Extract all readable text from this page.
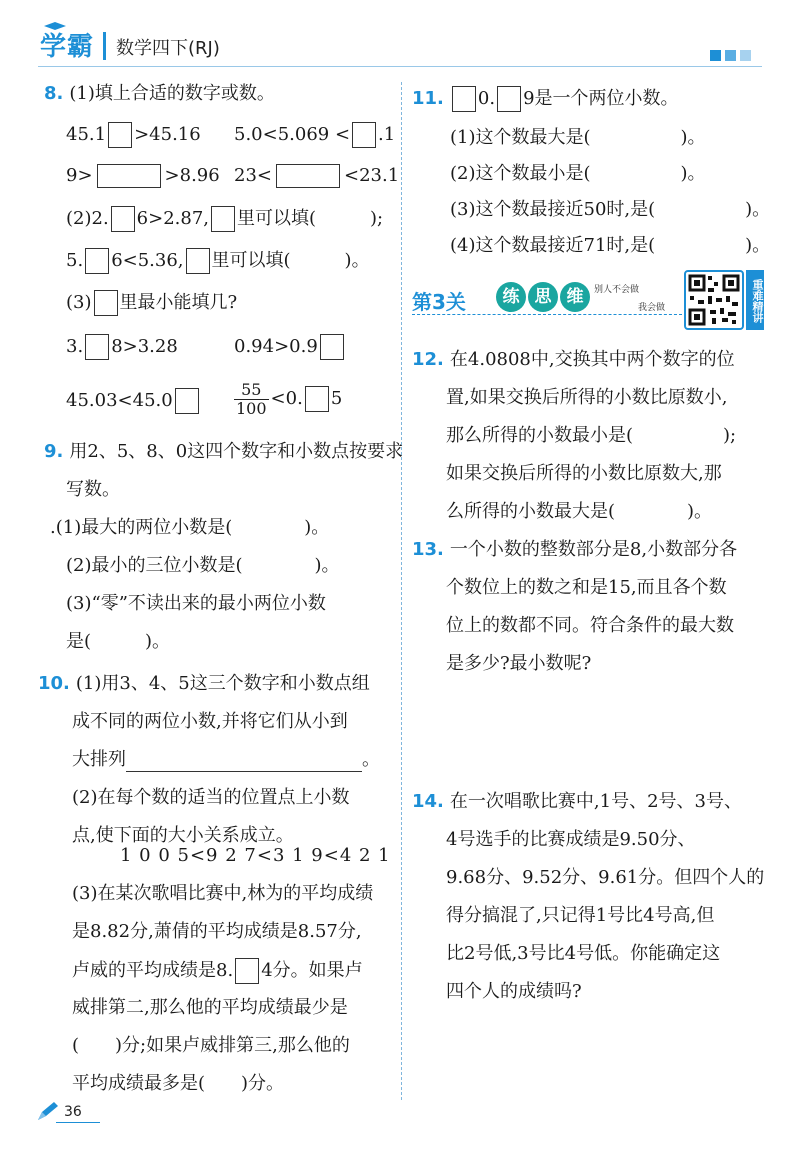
学霸 数学四下(RJ)
8. (1)填上合适的数字或数。
45.1 >45.16 5.0<5.069 < .1
9>	>8.96 23<	<23.1
(2)2. 6>2.87, 里可以填(　　　);
5. 6<5.36, 里可以填(　　　)。
(3) 里最小能填几?
3. 8>3.28	0.94>0.9
45.03<45.0	$\frac{55}{100} <0$. 5
9. 用2、5、8、0这四个数字和小数点按要求
写数。
.(1)最大的两位小数是(　　　　)。
(2)最小的三位小数是(　　　　)。
(3)“零”不读出来的最小两位小数
是(　　　)。
10. (1)用3、4、5这三个数字和小数点组
成不同的两位小数,并将它们从小到
大排列	。
(2)在每个数的适当的位置点上小数
点,使下面的大小关系成立。
1 0 0 5<9 2 7<3 1 9<4 2 1
(3)在某次歌唱比赛中,林为的平均成绩
是8.82分,萧倩的平均成绩是8.57分,
卢威的平均成绩是8. 4分。如果卢
威排第二,那么他的平均成绩最少是
(　　)分;如果卢威排第三,那么他的
平均成绩最多是(　　)分。
11. 0. 9是一个两位小数。
(1)这个数最大是(　　　　　)。
(2)这个数最小是(　　　　　)。
(3)这个数最接近50时,是(　　　　　)。
(4)这个数最接近71时,是(　　　　　)。
第3关	练 思 维	别人不会做
我会做	重难精讲
12. 在4.0808中,交换其中两个数字的位
置,如果交换后所得的小数比原数小,
那么所得的小数最小是(　　　　　);
如果交换后所得的小数比原数大,那
么所得的小数最大是(　　　　)。
13. 一个小数的整数部分是8,小数部分各
个数位上的数之和是15,而且各个数
位上的数都不同。符合条件的最大数
是多少?最小数呢?
14. 在一次唱歌比赛中,1号、2号、3号、
4号选手的比赛成绩是9.50分、
9.68分、9.52分、9.61分。但四个人的
得分搞混了,只记得1号比4号高,但
比2号低,3号比4号低。你能确定这
四个人的成绩吗?
36
